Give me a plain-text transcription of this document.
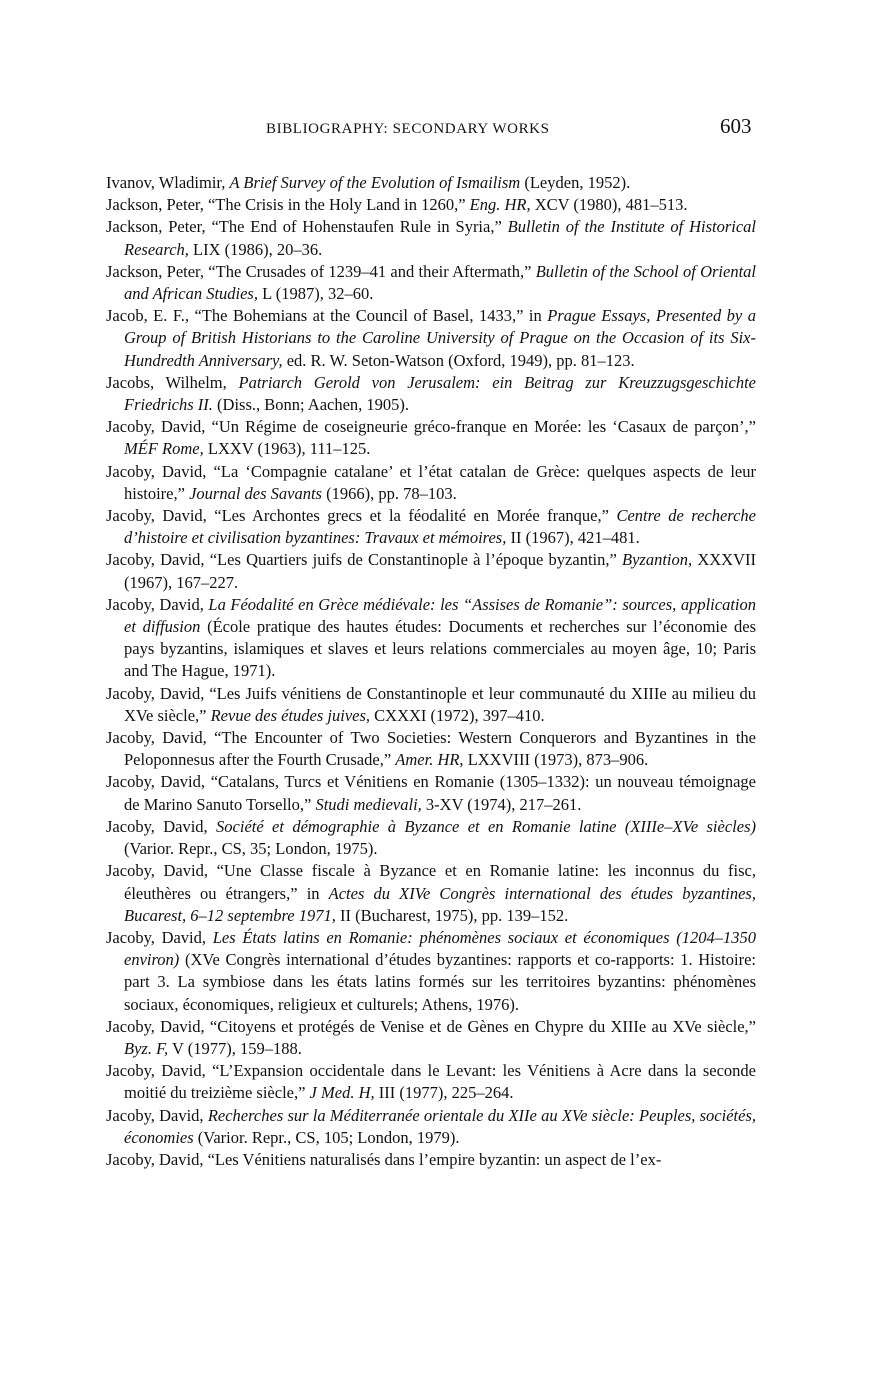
BIBLIOGRAPHY: SECONDARY WORKS	603

Ivanov, Wladimir, A Brief Survey of the Evolution of Ismailism (Leyden, 1952).

Jackson, Peter, “The Crisis in the Holy Land in 1260,” Eng. HR, XCV (1980), 481–513.

Jackson, Peter, “The End of Hohenstaufen Rule in Syria,” Bulletin of the Institute of Historical Research, LIX (1986), 20–36.

Jackson, Peter, “The Crusades of 1239–41 and their Aftermath,” Bulletin of the School of Oriental and African Studies, L (1987), 32–60.

Jacob, E. F., “The Bohemians at the Council of Basel, 1433,” in Prague Essays, Presented by a Group of British Historians to the Caroline University of Prague on the Occasion of its Six-Hundredth Anniversary, ed. R. W. Seton-Watson (Oxford, 1949), pp. 81–123.

Jacobs, Wilhelm, Patriarch Gerold von Jerusalem: ein Beitrag zur Kreuzzugsgeschichte Friedrichs II. (Diss., Bonn; Aachen, 1905).

Jacoby, David, “Un Régime de coseigneurie gréco-franque en Morée: les ‘Casaux de parçon’,” MÉF Rome, LXXV (1963), 111–125.

Jacoby, David, “La ‘Compagnie catalane’ et l’état catalan de Grèce: quelques aspects de leur histoire,” Journal des Savants (1966), pp. 78–103.

Jacoby, David, “Les Archontes grecs et la féodalité en Morée franque,” Centre de recherche d’histoire et civilisation byzantines: Travaux et mémoires, II (1967), 421–481.

Jacoby, David, “Les Quartiers juifs de Constantinople à l’époque byzantin,” Byzantion, XXXVII (1967), 167–227.

Jacoby, David, La Féodalité en Grèce médiévale: les “Assises de Romanie”: sources, application et diffusion (École pratique des hautes études: Documents et recherches sur l’économie des pays byzantins, islamiques et slaves et leurs relations commerciales au moyen âge, 10; Paris and The Hague, 1971).

Jacoby, David, “Les Juifs vénitiens de Constantinople et leur communauté du XIIIe au milieu du XVe siècle,” Revue des études juives, CXXXI (1972), 397–410.

Jacoby, David, “The Encounter of Two Societies: Western Conquerors and Byzantines in the Peloponnesus after the Fourth Crusade,” Amer. HR, LXXVIII (1973), 873–906.

Jacoby, David, “Catalans, Turcs et Vénitiens en Romanie (1305–1332): un nouveau témoignage de Marino Sanuto Torsello,” Studi medievali, 3-XV (1974), 217–261.

Jacoby, David, Société et démographie à Byzance et en Romanie latine (XIIIe–XVe siècles) (Varior. Repr., CS, 35; London, 1975).

Jacoby, David, “Une Classe fiscale à Byzance et en Romanie latine: les inconnus du fisc, éleuthères ou étrangers,” in Actes du XIVe Congrès international des études byzantines, Bucarest, 6–12 septembre 1971, II (Bucharest, 1975), pp. 139–152.

Jacoby, David, Les États latins en Romanie: phénomènes sociaux et économiques (1204–1350 environ) (XVe Congrès international d’études byzantines: rapports et co-rapports: 1. Histoire: part 3. La symbiose dans les états latins formés sur les territoires byzantins: phénomènes sociaux, économiques, religieux et culturels; Athens, 1976).

Jacoby, David, “Citoyens et protégés de Venise et de Gènes en Chypre du XIIIe au XVe siècle,” Byz. F, V (1977), 159–188.

Jacoby, David, “L’Expansion occidentale dans le Levant: les Vénitiens à Acre dans la seconde moitié du treizième siècle,” J Med. H, III (1977), 225–264.

Jacoby, David, Recherches sur la Méditerranée orientale du XIIe au XVe siècle: Peuples, sociétés, économies (Varior. Repr., CS, 105; London, 1979).

Jacoby, David, “Les Vénitiens naturalisés dans l’empire byzantin: un aspect de l’ex-
